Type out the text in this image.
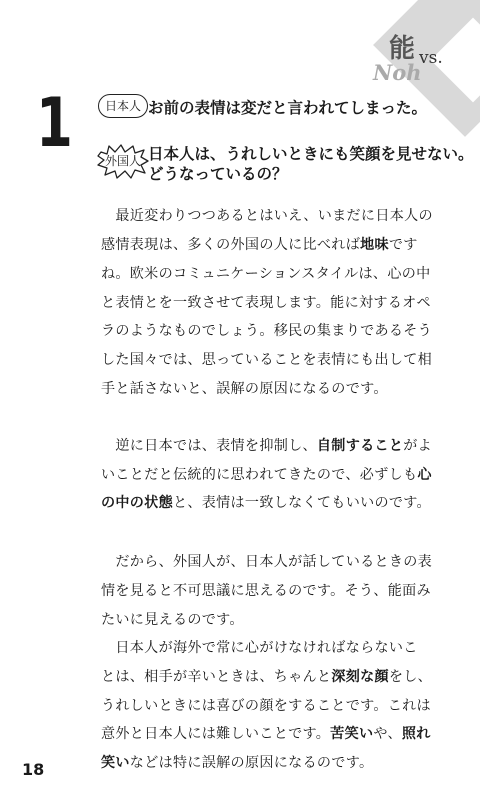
能 vs.
Noh
1	日本人 お前の表情は変だと言われてしまった。
外国人 日本人は、うれしいときにも笑顔を見せない。
どうなっているの？
　最近変わりつつあるとはいえ、いまだに日本人の
感情表現は、多くの外国の人に比べれば地味です
ね。欧米のコミュニケーションスタイルは、心の中
と表情とを一致させて表現します。能に対するオペ
ラのようなものでしょう。移民の集まりであるそう
した国々では、思っていることを表情にも出して相
手と話さないと、誤解の原因になるのです。
　逆に日本では、表情を抑制し、自制することがよ
いことだと伝統的に思われてきたので、必ずしも心
の中の状態と、表情は一致しなくてもいいのです。
　だから、外国人が、日本人が話しているときの表
情を見ると不可思議に思えるのです。そう、能面み
たいに見えるのです。
　日本人が海外で常に心がけなければならないこ
とは、相手が辛いときは、ちゃんと深刻な顔をし、
うれしいときには喜びの顔をすることです。これは
意外と日本人には難しいことです。苦笑いや、照れ
笑いなどは特に誤解の原因になるのです。
18
